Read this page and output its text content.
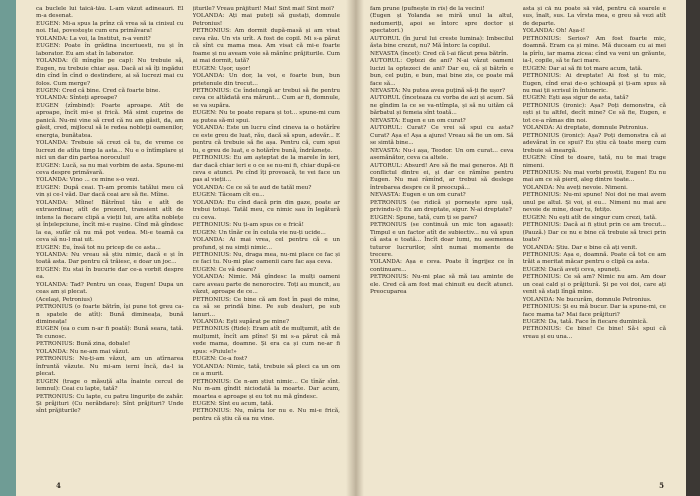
ca buclele lui taică-tău. L-am văzut adineauri. El m-a desenat.
EUGEN: Mi-a spus la prînz că vrea să ia cinisul cu noi. Hai, povesteşte cum era primăvara!
YOLANDA: La voi, la Institut, n-a venit?
EUGEN: Poate în grădina inceriuesti, nu și în laborator. Eu am stat în laborator.
YOLANDA: (îl mîngîie pe cap): Nu trebuie să, Eugen, nu trebuie chiar așa. Dacă ai să îți ingădui din cînd în cînd o destindere, ai să lucrezi mai cu folos. Cum merge?
EUGEN: Cred că bine. Cred că foarte bine.
YOLANDA: Sînteți aproape?
EUGEN (zîmbind): Foarte aproape. Atît de aproape, încît mi-e și frică. Mă simt cuprins de panică. Nu-mi vine să cred că nu am găsit, da, am găsit, cred, mijlocul să le redea nobleţii oamenilor, energia, bunătatea.
YOLANDA: Trebuie să crezi că tu, de vreme ce lucrezi de atîta timp la asta... Nu e o întîmplare și nici un dar din partea norocului!
EUGEN: Lucă, sa nu mai vorbim de asta. Spune-mi ceva despre primăvară.
YOLANDA: Vino ... ce mine s-o vezi.
EUGEN: După ceai. Ți-am promis tatălui meu că vin și ce-l văd. Dar dacă ceai are să fie. Mîine.
YOLANDA: Mîine! Bătrînul tău e atît de extraordinar, atît de prezent, transient atît de intens la fiecare clipă a vieții lui, are atîta noblețe și înțelepciune, încît mi-e rușine. Cînd mă gîndesc la ea, sufăr că nu mă pot vedea. Mi-e teamă ca ceva să nu-l mai uit.
EUGEN: Eu, însă tot nu pricep de ce asta...
YOLANDA: Nu vreau să știu nimic, dacă e și în toată asta. Dar pentru că trăiesc, e doar un joc...
EUGEN: Eu stai în bucurie dar ce-a vorbit despre ea.
YOLANDA: Tad? Pentru un ceas, Eugen! Dupa un ceas am și plecat.
(Acelaşi, Petronius)
PETRONIUS (o foarte bătrîn, își pune tot greu ca-n spatele de atît): Bună dimineața, bună dimineața!
EUGEN (ea o cum n-ar fi poată): Bună seara, tată. Te cunosc.
PETRONIUS: Bună zina, dobale!
YOLANDA: Nu ne-am mai văzut.
PETRONIUS: Nu-ți-am văzut, am un atîrnarea înfruntă văzute. Nu mi-am ierni încă, da-l ia plecat.
EUGEN (trage o măsuță alta înainte cercul de lemnul): Ceai cu lapte, tată?
PETRONIUS: Cu lapte, cu patru lingurițe de zahăr. Și prăjituri (Cu nerăbdare): Sînt prăjituri? Unde sînt prăjiturile?
jiturile? Vreau prăjituri! Mai! Sînt mai! Sînt moi?
YOLANDA: Ați mai puteți să gustați, domnule Petronius!
PETRONIUS: Am dormit după-masă și am visat ceva rău. Un vis urît. A fost de copil. Mi s-a părut că sînt cu mama mea. Am visat că mi-e foarte foame și nu aveam voie să mănînc prăjiturile. Cum ai mai dormit, tată?
EUGEN: Ușor, ușor!
YOLANDA: Un dor, la voi, e foarte bun, bun prietenule din trecut...
PETRONIUS: Ce îndelungă ar trebui să fie pentru ceva ce altădată era mărunt... Cum ar fi, domnule, se va supăra.
EUGEN: Nu te poate repara și tot... spune-mi cum aș putea să-mi spui.
YOLANDA: Este un lucru cînd cineva ia o hotărîre ce este greu de luat, rău, dacă să spun, adevăr... E pentru că trebuie să fie așa. Pentru că, cum spui tu, e greu de luat, e o hotărîre bună, îndrăznețe.
PETRONIUS: Eu am așteptat de la marele în ieri, dar dacă chiar ieri e o ce se nu-mi fi, chiar după-ce ceva e atunci. Pe cînd îți provoacă, te vei face un pas al vieții...
YOLANDA: Ce ce să te aud de tatăl meu?
EUGEN: Tăceam cît eu...
YOLANDA: Eu cînd dacă prin din gaze, poate ar trebui totuși. Tatăl meu, cu nimic sau în legătură cu ceva.
PETRONIUS: Nu ți-am spus ce e frică!
EUGEN: Un tînăr ce în celula vie nu-ți ucide...
YOLANDA: Ai mai vrea, cel pentru că e un profund, și nu simți nimic...
PETRONIUS: Nu, draga mea, nu-mi place ce fac și ce faci tu. Nu-mi plac oamenii care fac așa ceva.
EUGEN: Ce vă doare?
YOLANDA: Nimic. Mă gîndesc la mulți oameni care aveau parte de nenorocire. Toți au muncit, au văzut, aproape de ce...
PETRONIUS: Ce bine că am fost în pași de mine, ca să se prindă bine. Pe sub dealuri, pe sub lanuri...
YOLANDA: Ești supărat pe mine?
PETRONIUS (Ride): Eram atît de mulțumit, atît de mulțumit, încît am plîns! Și mi s-a părut că mă vede mama, doamne. Și era ca și cum ne-ar fi spus: «Puiule!»
EUGEN: Ce-a fost?
YOLANDA: Nimic, tată, trebuie să pleci ca un om ce a murit.
PETRONIUS: Ce n-am știut nimic... Ce tînăr sînt. Nu m-am gîndit niciodată la moarte. Dar acum, moartea e aproape și eu tot nu mă gîndesc.
EUGEN: Sînt eu acum, tată.
PETRONIUS: Nu, măria lor nu e. Nu mi-e frică, pentru că știu că ea nu vine.
4
fam prune (pufnește în rîs) de la vecini!
(Eugen și Yolanda se miră unul la altul, nedumeriți, apoi se întorc spre doctor și spectatori.)
AUTORUL (în jurul lui creste lumina): Imbecilul ăsta bine crezut, nu? Mă întorc la copilul.
NEVASTA (încet): Cred că l-ai făcut prea bătrîn.
AUTORUL: Optezi de ani? N-ai văzut oameni lucizi la optezeci de ani? Dar eu, că și bătrîn e bun, cel puțin, e bun, mai bine zis, ce poate mă face să...
NEVASTA: Nu putea avea puțină să-ți fie ușor?
AUTORUL (înceteaza cu vorba de azi și acum. Să ne gîndim la ce se va-ntîmpla, și să nu uităm că bărbatul și femeia sînt toată...
NEVASTA: Eugen e un om curat?
AUTORUL: Curat? Ce vrei să spui cu asta? Curat? Așa e! Așa a ajuns! Vreau să fie un om. Să se simtă bine...
NEVASTA: Nu-i așa, Teodor. Un om curat... ceva asemănător, ceva ca altele.
AUTORUL: Absurd! Are să fie mai generos. Ați fi conflictul dintre ei, și dar ce rămîne pentru Eugen. Nu mai râmînd, ar trebui să deslege întrebarea despre ce îl preocupă...
NEVASTA: Eugen e un om curat?
PETRONIUS (se ridică și pornește spre ușă, privindu-i): Eu am dreptate, sigur. N-ai dreptate?
EUGEN: Spune, tată, cum ți se pare?
PETRONIUS (se continuă un mic ton agasat): Timpul e un factor atît de subiectiv... nu vă spun că asta e toată... Încît doar lumi, nu asemenea tuturor lucrurilor, sînt numai momente de trecere.
YOLANDA: Așa e ceva. Poate îl îngrijez ce în continuare...
PETRONIUS: Nu-mi plac să mă iau aminte de ele. Cred că am fost mai chinuit eu decît atunci. Preocuparea
asta și că nu poate să văd, pentru că soarele e sus, înalt, sus. La vîrsta mea, e greu să vezi atît de departe.
YOLANDA: Oh! Așa-i!
PETRONIUS: Serios? Am fost foarte mic, doamnă. Eram ca și mine. Mă duceam cu ai mei la pîrîu, iar mama zicea: cînd va veni un grăunte, ia-l, copile, să te faci mare.
EUGEN: Dar ai să fii tot mare acum, tată.
PETRONIUS: Ai dreptate! Ai fost și tu mic, Eugen, cînd erai de-o șchioapă și ți-am spus să nu mai ții scrisul în întuneric.
EUGEN: Ești așa sigur de asta, tată?
PETRONIUS (ironic): Așa? Poți demonstra, că ești și tu altfel, decît mine? Ce să fie, Eugen, e tot ce-a rămas din noi.
YOLANDA: Ai dreptate, domnule Petronius.
PETRONIUS (ironic): Așa? Poți demonstra că ai adevărat în ce spui? Eu știu că toate merg cum trebuie să meargă.
EUGEN: Cînd te doare, tată, nu te mai trage nimeni.
PETRONIUS: Nu mai vorbi prostii, Eugen! Eu nu mai am ce să pierd, aleg dintre toate...
YOLANDA: Nu aveți nevoie. Nimeni.
PETRONIUS: Nu-mi spune! Noi doi ne mai avem unul pe altul. Și voi, și eu... Nimeni nu mai are nevoie de mine, doar tu, fetițo.
EUGEN: Nu ești atît de singur cum crezi, tată.
PETRONIUS: Dacă ai fi știut prin ce am trecut... (Pauză.) Dar ce nu e bine că trebuie să treci prin toate?
YOLANDA: Știu. Dar e bine că ați venit.
PETRONIUS: Așa e, doamnă. Poate că tot ce am trăit a meritat măcar pentru o clipă ca asta.
EUGEN: Dacă aveți ceva, spuneți.
PETRONIUS: Ce să am? Nimic nu am. Am doar un ceai cald și o prăjitură. Și pe voi doi, care ați venit să stați lîngă mine.
YOLANDA: Ne bucurăm, domnule Petronius.
PETRONIUS: Și eu mă bucur. Dar ia spune-mi, ce face mama ta? Mai face prăjituri?
EUGEN: Da, tată. Face în fiecare duminică.
PETRONIUS: Ce bine! Ce bine! Să-i spui că vreau și eu una...
5
